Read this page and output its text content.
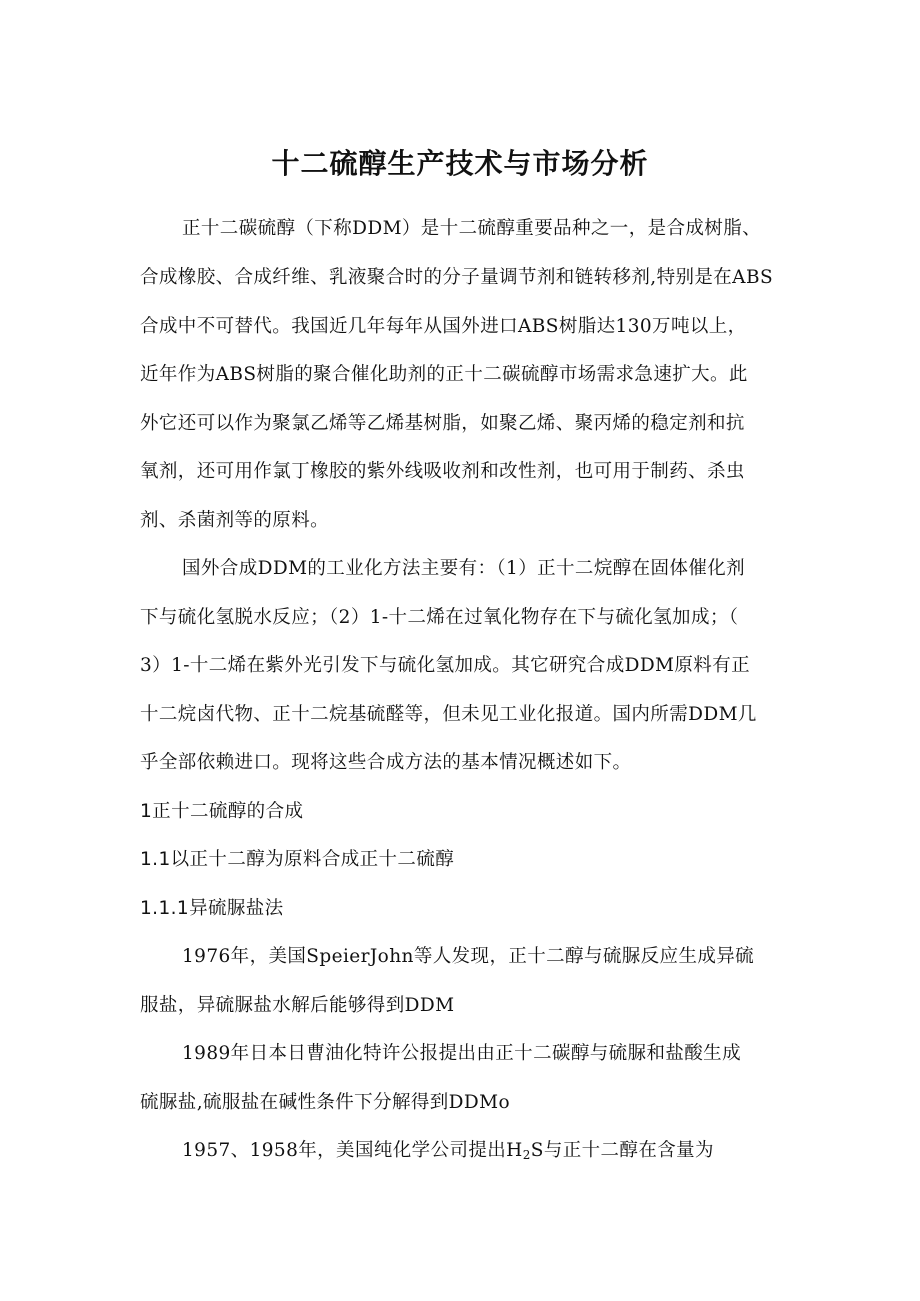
十二硫醇生产技术与市场分析
正十二碳硫醇（下称DDM）是十二硫醇重要品种之一，是合成树脂、
合成橡胶、合成纤维、乳液聚合时的分子量调节剂和链转移剂,特别是在ABS
合成中不可替代。我国近几年每年从国外进口ABS树脂达130万吨以上，
近年作为ABS树脂的聚合催化助剂的正十二碳硫醇市场需求急速扩大。此
外它还可以作为聚氯乙烯等乙烯基树脂，如聚乙烯、聚丙烯的稳定剂和抗
氧剂，还可用作氯丁橡胶的紫外线吸收剂和改性剂，也可用于制药、杀虫
剂、杀菌剂等的原料。
国外合成DDM的工业化方法主要有：（1）正十二烷醇在固体催化剂
下与硫化氢脱水反应；（2）1-十二烯在过氧化物存在下与硫化氢加成；（
3）1-十二烯在紫外光引发下与硫化氢加成。其它研究合成DDM原料有正
十二烷卤代物、正十二烷基硫醛等，但未见工业化报道。国内所需DDM几
乎全部依赖进口。现将这些合成方法的基本情况概述如下。
1正十二硫醇的合成
1.1以正十二醇为原料合成正十二硫醇
1.1.1异硫脲盐法
1976年，美国SpeierJohn等人发现，正十二醇与硫脲反应生成异硫
服盐，异硫脲盐水解后能够得到DDM
1989年日本日曹油化特许公报提出由正十二碳醇与硫脲和盐酸生成
硫脲盐,硫服盐在碱性条件下分解得到DDMo
1957、1958年，美国纯化学公司提出$H_2S$与正十二醇在含量为
